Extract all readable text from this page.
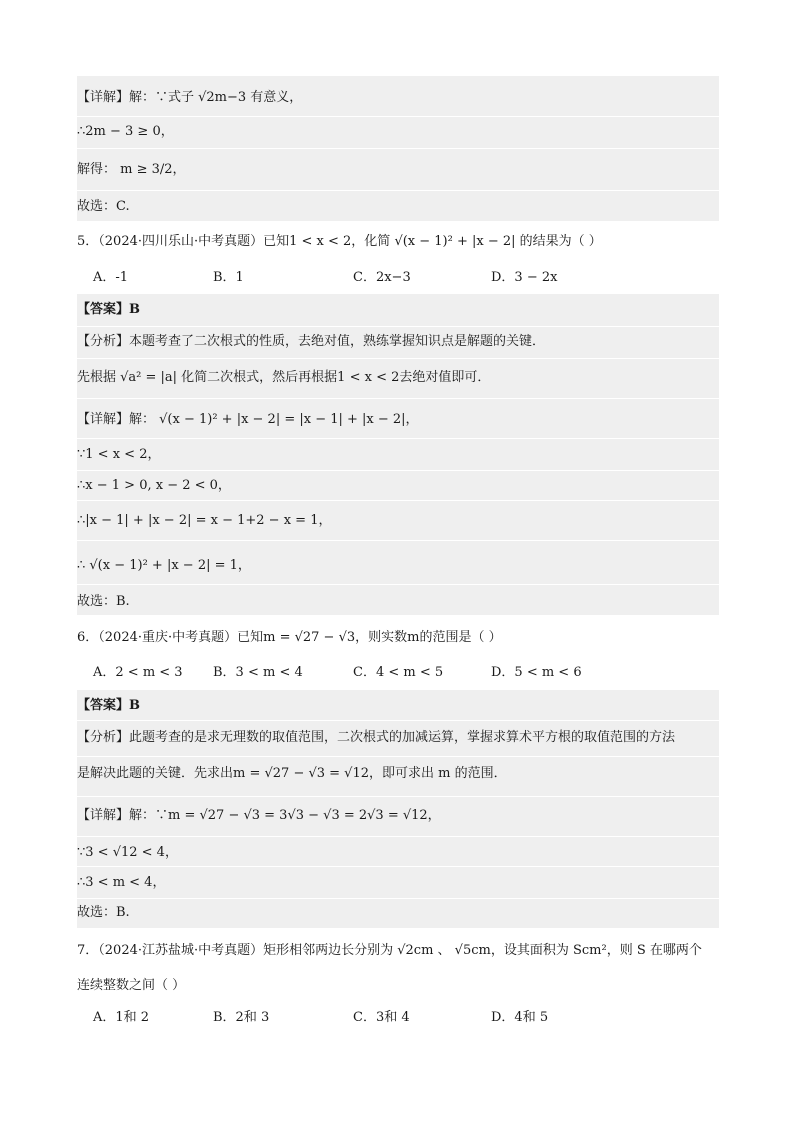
【详解】解：∵式子 √2m−3 有意义，
∴2m − 3 ≥ 0，
解得： m ≥ 3/2，
故选：C.
5．（2024·四川乐山·中考真题）已知1 < x < 2，化简 √(x − 1)² + |x − 2| 的结果为（ ）
A．-1	B．1	C．2x−3	D．3 − 2x
【答案】B
【分析】本题考查了二次根式的性质，去绝对值，熟练掌握知识点是解题的关键．
先根据 √a² = |a| 化简二次根式，然后再根据1 < x < 2去绝对值即可．
【详解】解： √(x − 1)² + |x − 2| = |x − 1| + |x − 2|，
∵1 < x < 2，
∴x − 1 > 0, x − 2 < 0，
∴|x − 1| + |x − 2| = x − 1+2 − x = 1，
∴ √(x − 1)² + |x − 2| = 1，
故选：B.
6．（2024·重庆·中考真题）已知m = √27 − √3，则实数m的范围是（ ）
A．2 < m < 3 B．3 < m < 4	C．4 < m < 5	D．5 < m < 6
【答案】B
【分析】此题考查的是求无理数的取值范围，二次根式的加减运算，掌握求算术平方根的取值范围的方法
是解决此题的关键．先求出m = √27 − √3 = √12，即可求出 m 的范围．
【详解】解：∵m = √27 − √3 = 3√3 − √3 = 2√3 = √12，
∵3 < √12 < 4，
∴3 < m < 4，
故选：B.
7．（2024·江苏盐城·中考真题）矩形相邻两边长分别为 √2cm 、 √5cm，设其面积为 Scm²，则 S 在哪两个
连续整数之间（ ）
A．1和 2	B．2和 3	C．3和 4	D．4和 5
